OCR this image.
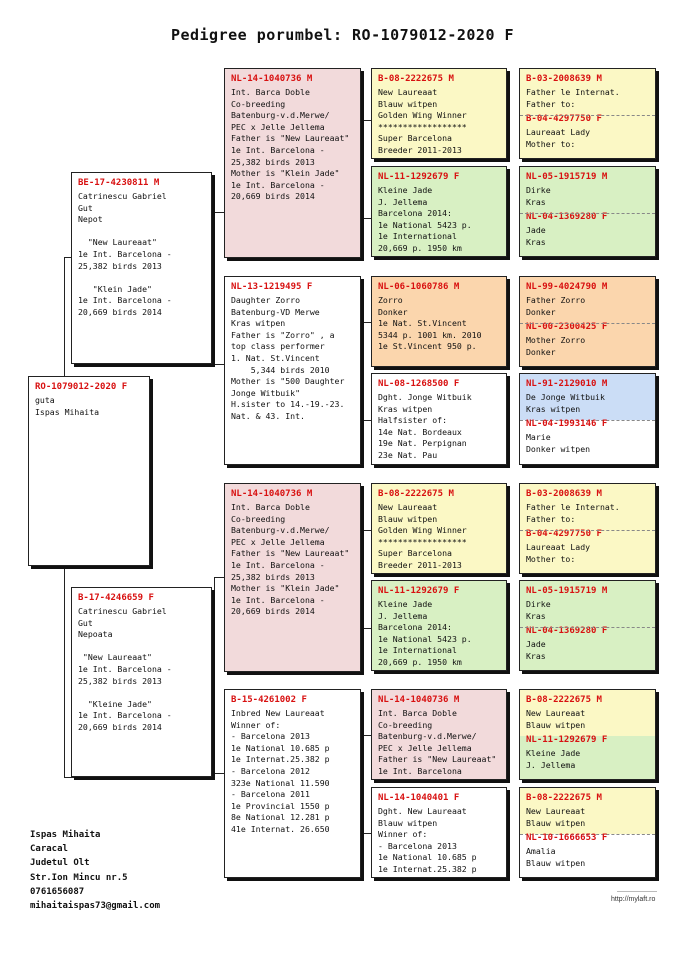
Pedigree porumbel: RO-1079012-2020 F
RO-1079012-2020 F
guta
Ispas Mihaita
BE-17-4230811 M
Catrinescu Gabriel
Gut
Nepot

"New Laureaat"
1e Int. Barcelona -
25,382 birds 2013

"Klein Jade"
1e Int. Barcelona -
20,669 birds 2014
B-17-4246659 F
Catrinescu Gabriel
Gut
Nepoata

"New Laureaat"
1e Int. Barcelona -
25,382 birds 2013

"Kleine Jade"
1e Int. Barcelona -
20,669 birds 2014
NL-14-1040736 M
Int. Barca Doble
Co-breeding
Batenburg-v.d.Merwe/
PEC x Jelle Jellema
Father is "New Laureaat"
1e Int. Barcelona -
25,382 birds 2013
Mother is "Klein Jade"
1e Int. Barcelona -
20,669 birds 2014
NL-13-1219495 F
Daughter Zorro
Batenburg-VD Merwe
Kras witpen
Father is "Zorro" , a
top class performer
1. Nat. St.Vincent
5,344 birds 2010
Mother is "500 Daughter
Jonge Witbuik"
H.sister to 14.-19.-23.
Nat. & 43. Int.
NL-14-1040736 M
Int. Barca Doble
Co-breeding
Batenburg-v.d.Merwe/
PEC x Jelle Jellema
Father is "New Laureaat"
1e Int. Barcelona -
25,382 birds 2013
Mother is "Klein Jade"
1e Int. Barcelona -
20,669 birds 2014
B-15-4261002 F
Inbred New Laureaat
Winner of:
- Barcelona 2013
1e National 10.685 p
1e Internat.25.382 p
- Barcelona 2012
323e National 11.590
- Barcelona 2011
1e Provincial 1550 p
8e National 12.281 p
41e Internat. 26.650
B-08-2222675 M
New Laureaat
Blauw witpen
Golden Wing Winner
******************
Super Barcelona
Breeder 2011-2013
NL-11-1292679 F
Kleine Jade
J. Jellema
Barcelona 2014:
1e National 5423 p.
1e International
20,669 p. 1950 km
NL-06-1060786 M
Zorro
Donker
1e Nat. St.Vincent
5344 p. 1001 km. 2010
1e St.Vincent 950 p.
NL-08-1268500 F
Dght. Jonge Witbuik
Kras witpen
Halfsister of:
14e Nat. Bordeaux
19e Nat. Perpignan
23e Nat. Pau
B-08-2222675 M
New Laureaat
Blauw witpen
Golden Wing Winner
******************
Super Barcelona
Breeder 2011-2013
NL-11-1292679 F
Kleine Jade
J. Jellema
Barcelona 2014:
1e National 5423 p.
1e International
20,669 p. 1950 km
NL-14-1040736 M
Int. Barca Doble
Co-breeding
Batenburg-v.d.Merwe/
PEC x Jelle Jellema
Father is "New Laureaat"
1e Int. Barcelona
NL-14-1040401 F
Dght. New Laureaat
Blauw witpen
Winner of:
- Barcelona 2013
1e National 10.685 p
1e Internat.25.382 p
B-03-2008639 M
Father le Internat.
Father to:
B-04-4297750 F
Laureaat Lady
Mother to:
NL-05-1915719 M
Dirke
Kras
NL-04-1369280 F
Jade
Kras
NL-99-4024790 M
Father Zorro
Donker
NL-00-2300425 F
Mother Zorro
Donker
NL-91-2129010 M
De Jonge Witbuik
Kras witpen
NL-04-1993146 F
Marie
Donker witpen
B-03-2008639 M
Father le Internat.
Father to:
B-04-4297750 F
Laureaat Lady
Mother to:
NL-05-1915719 M
Dirke
Kras
NL-04-1369280 F
Jade
Kras
B-08-2222675 M
New Laureaat
Blauw witpen
NL-11-1292679 F
Kleine Jade
J. Jellema
B-08-2222675 M
New Laureaat
Blauw witpen
NL-10-1666653 F
Amalia
Blauw witpen
Ispas Mihaita
Caracal
Judetul Olt
Str.Ion Mincu nr.5
0761656087
mihaitaispas73@gmail.com
http://mylaft.ro
